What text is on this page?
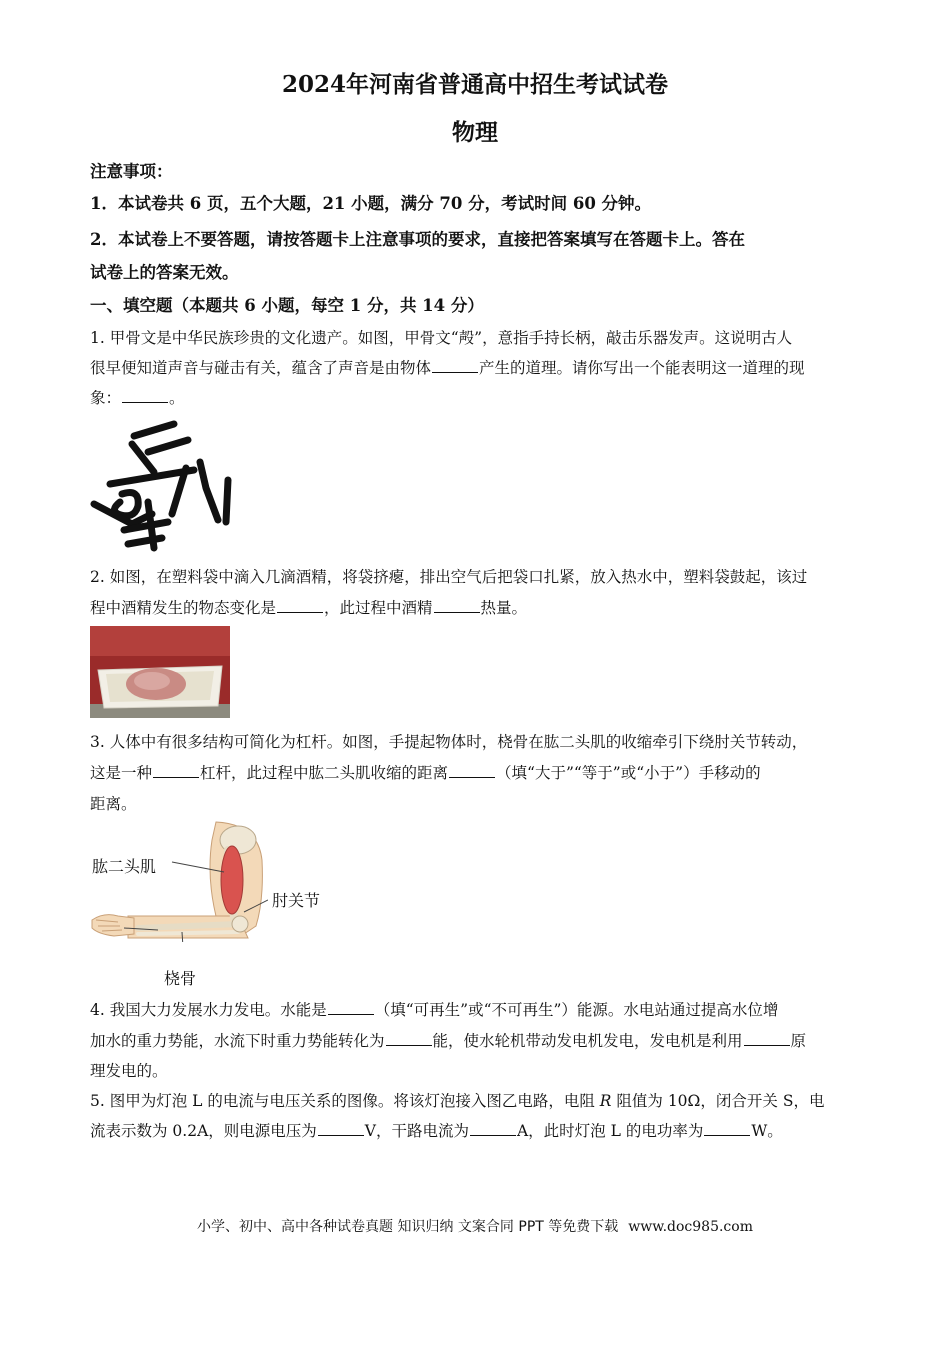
2024年河南省普通高中招生考试试卷
物理
注意事项：
1．本试卷共 6 页，五个大题，21 小题，满分 70 分，考试时间 60 分钟。
2．本试卷上不要答题，请按答题卡上注意事项的要求，直接把答案填写在答题卡上。答在
试卷上的答案无效。
一、填空题（本题共 6 小题，每空 1 分，共 14 分）
1. 甲骨文是中华民族珍贵的文化遗产。如图，甲骨文“殸”，意指手持长柄，敲击乐器发声。这说明古人
很早便知道声音与碰击有关，蕴含了声音是由物体	产生的道理。请你写出一个能表明这一道理的现
象：	。
2. 如图，在塑料袋中滴入几滴酒精，将袋挤瘪，排出空气后把袋口扎紧，放入热水中，塑料袋鼓起，该过
程中酒精发生的物态变化是	，此过程中酒精	热量。
3. 人体中有很多结构可简化为杠杆。如图，手提起物体时，桡骨在肱二头肌的收缩牵引下绕肘关节转动，
这是一种	杠杆，此过程中肱二头肌收缩的距离	（填“大于”“等于”或“小于”）手移动的
距离。
肱二头肌
肘关节
桡骨
4. 我国大力发展水力发电。水能是	（填“可再生”或“不可再生”）能源。水电站通过提高水位增
加水的重力势能，水流下时重力势能转化为	能，使水轮机带动发电机发电，发电机是利用	原
理发电的。
5. 图甲为灯泡 L 的电流与电压关系的图像。将该灯泡接入图乙电路，电阻 R 阻值为 10Ω，闭合开关 S，电
流表示数为 0.2A，则电源电压为	V，干路电流为	A，此时灯泡 L 的电功率为	W。
小学、初中、高中各种试卷真题 知识归纳 文案合同 PPT 等免费下载 www.doc985.com
